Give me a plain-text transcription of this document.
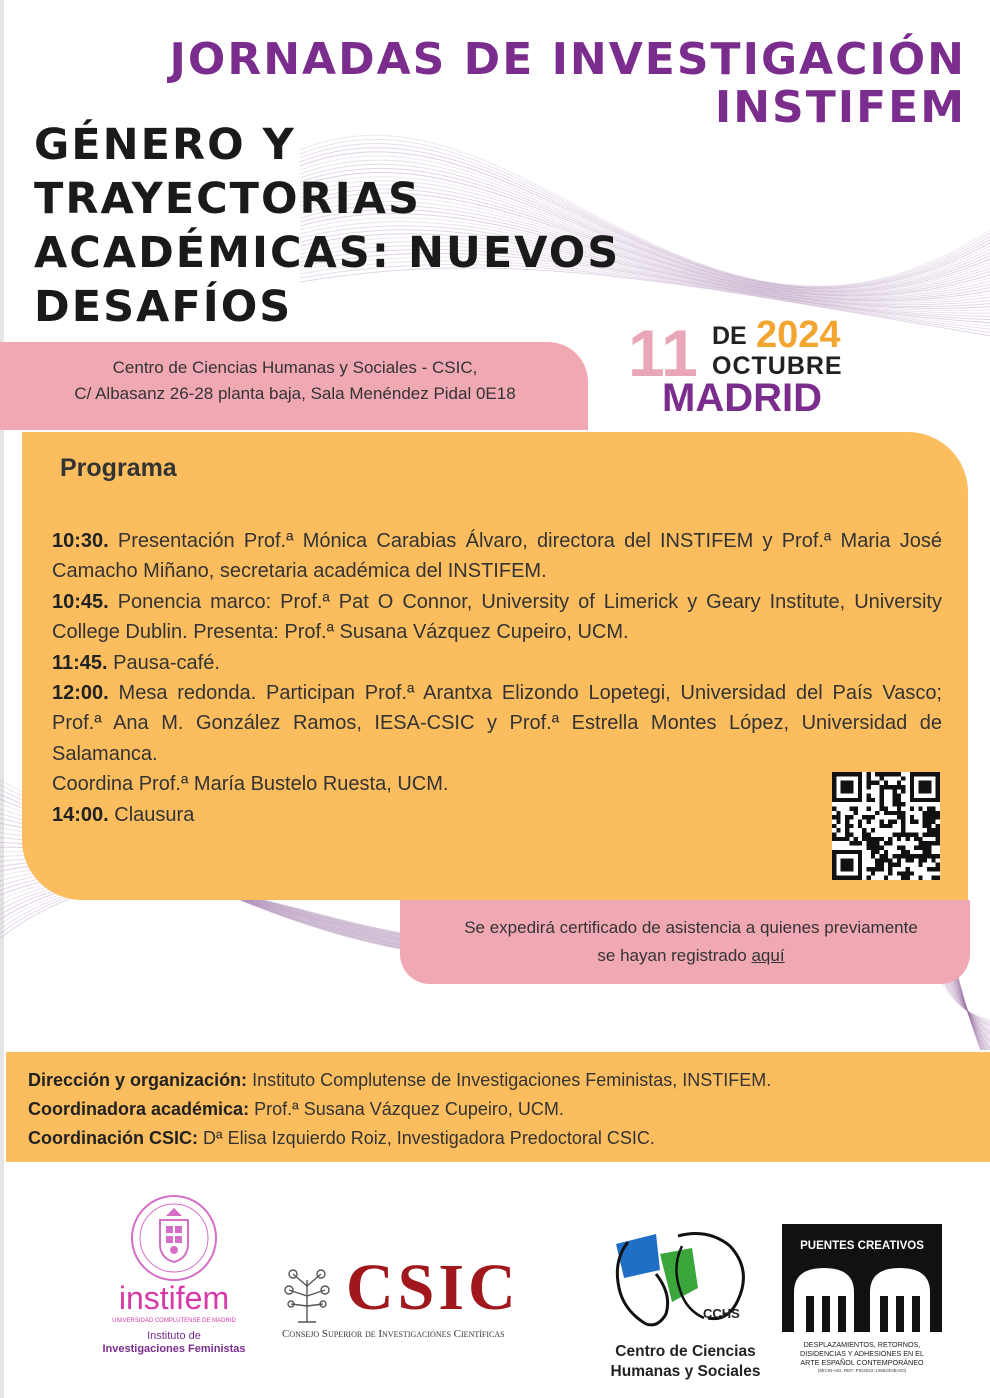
JORNADAS DE INVESTIGACIÓN
INSTIFEM
GÉNERO Y
TRAYECTORIAS
ACADÉMICAS: NUEVOS
DESAFÍOS
Centro de Ciencias Humanas y Sociales - CSIC,
C/ Albasanz 26-28 planta baja, Sala Menéndez Pidal 0E18
11 DE 2024
OCTUBRE
MADRID
Programa

10:30. Presentación Prof.ª Mónica Carabias Álvaro, directora del INSTIFEM y Prof.ª Maria José Camacho Miñano, secretaria académica del INSTIFEM.

10:45. Ponencia marco: Prof.ª Pat O Connor, University of Limerick y Geary Institute, University College Dublin. Presenta: Prof.ª Susana Vázquez Cupeiro, UCM.

11:45. Pausa-café.

12:00. Mesa redonda. Participan Prof.ª Arantxa Elizondo Lopetegi, Universidad del País Vasco; Prof.ª Ana M. González Ramos, IESA-CSIC y Prof.ª Estrella Montes López, Universidad de Salamanca.

Coordina Prof.ª María Bustelo Ruesta, UCM.

14:00. Clausura

Se expedirá certificado de asistencia a quienes previamente
se hayan registrado aquí
Dirección y organización: Instituto Complutense de Investigaciones Feministas, INSTIFEM.
Coordinadora académica: Prof.ª Susana Vázquez Cupeiro, UCM.
Coordinación CSIC: Dª Elisa Izquierdo Roiz, Investigadora Predoctoral CSIC.
instifem
UNIVERSIDAD COMPLUTENSE DE MADRID
Instituto de
Investigaciones Feministas
CSIC
Consejo Superior de Investigaciones Científicas
CCHS
Centro de Ciencias
Humanas y Sociales
PUENTES CREATIVOS
DESPLAZAMIENTOS, RETORNOS,
DISIDENCIAS Y ADHESIONES EN EL
ARTE ESPAÑOL CONTEMPORÁNEO
(MICIN-AEI, REF: PID2022-138643NB-I00)
